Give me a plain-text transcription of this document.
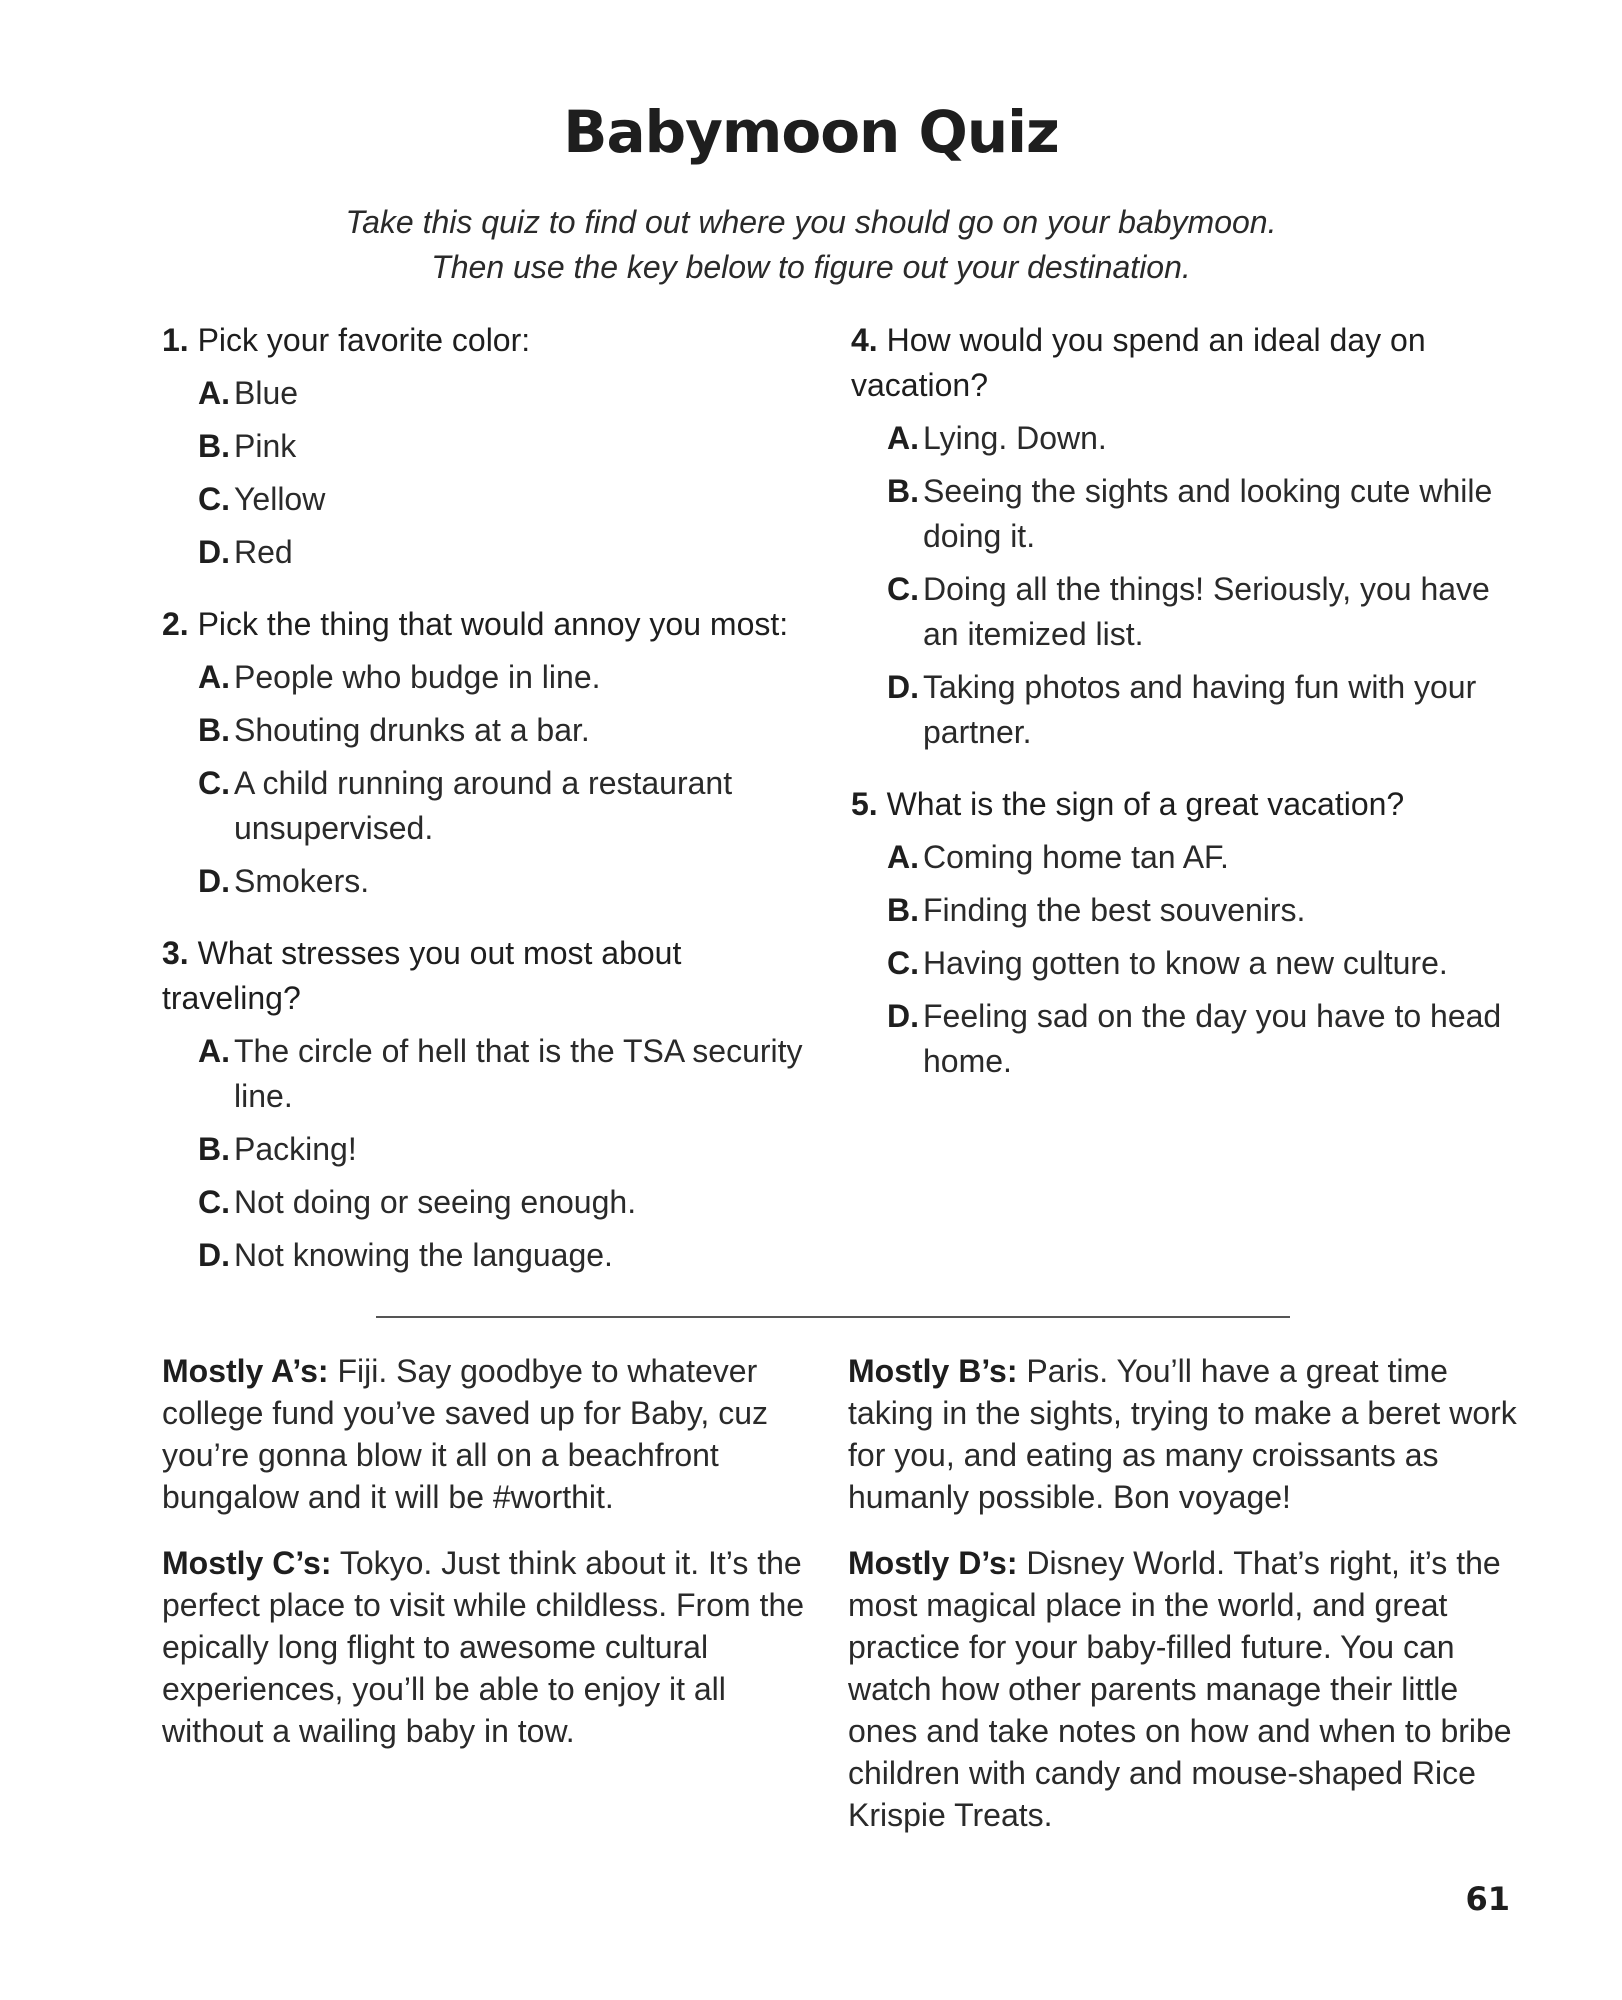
Babymoon Quiz
Take this quiz to find out where you should go on your babymoon.
Then use the key below to figure out your destination.
1. Pick your favorite color:
A. Blue
B. Pink
C. Yellow
D. Red
2. Pick the thing that would annoy you most:
A. People who budge in line.
B. Shouting drunks at a bar.
C. A child running around a restaurant unsupervised.
D. Smokers.
3. What stresses you out most about traveling?
A. The circle of hell that is the TSA security line.
B. Packing!
C. Not doing or seeing enough.
D. Not knowing the language.
4. How would you spend an ideal day on vacation?
A. Lying. Down.
B. Seeing the sights and looking cute while doing it.
C. Doing all the things! Seriously, you have an itemized list.
D. Taking photos and having fun with your partner.
5. What is the sign of a great vacation?
A. Coming home tan AF.
B. Finding the best souvenirs.
C. Having gotten to know a new culture.
D. Feeling sad on the day you have to head home.
Mostly A’s: Fiji. Say goodbye to whatever college fund you’ve saved up for Baby, cuz you’re gonna blow it all on a beachfront bungalow and it will be #worthit.
Mostly C’s: Tokyo. Just think about it. It’s the perfect place to visit while childless. From the epically long flight to awesome cultural experiences, you’ll be able to enjoy it all without a wailing baby in tow.
Mostly B’s: Paris. You’ll have a great time taking in the sights, trying to make a beret work for you, and eating as many croissants as humanly possible. Bon voyage!
Mostly D’s: Disney World. That’s right, it’s the most magical place in the world, and great practice for your baby-filled future. You can watch how other parents manage their little ones and take notes on how and when to bribe children with candy and mouse-shaped Rice Krispie Treats.
61
